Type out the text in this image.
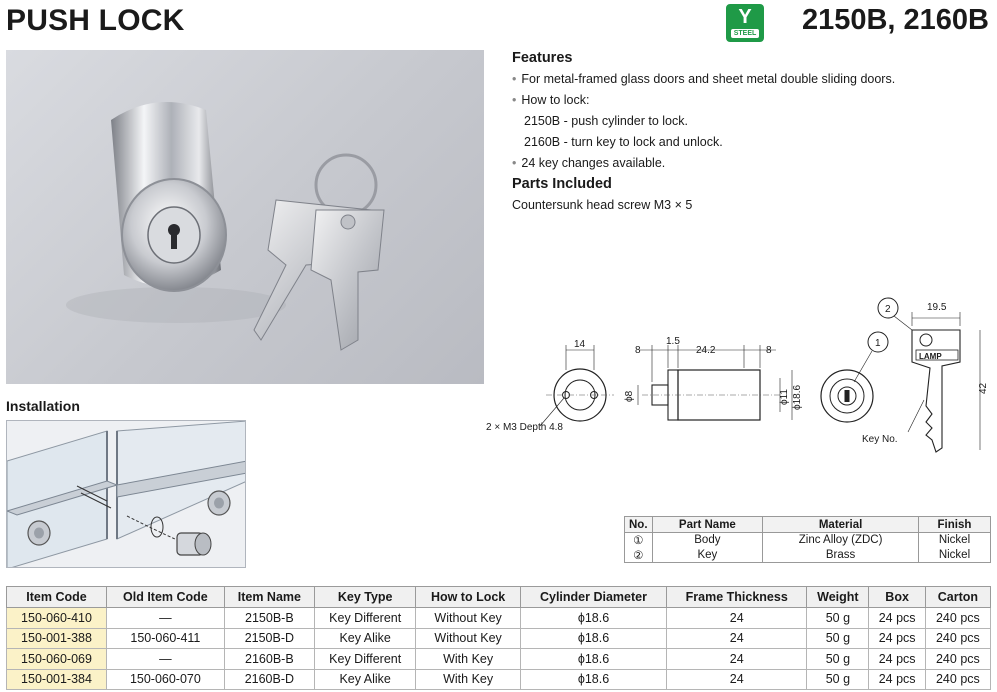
PUSH LOCK	Y
STEEL 2150B, 2160B
Features

• For metal-framed glass doors and sheet metal double sliding doors.

• How to lock:

2150B - push cylinder to lock.

2160B - turn key to lock and unlock.

• 24 key changes available.

Parts Included

Countersunk head screw M3 × 5

Installation
14
2 × M3 Depth 4.8
8
1.5
24.2	8
ϕ8	ϕ11 ϕ18.6
1
2	19.5
LAMP
42
Key No.
No.	Part Name	Material	Finish
①	Body	Zinc Alloy (ZDC)	Nickel
②	Key	Brass	Nickel
Item Code	Old Item Code	Item Name	Key Type	How to Lock	Cylinder Diameter	Frame Thickness	Weight	Box	Carton
150-060-410	—	2150B-B	Key Different	Without Key	ϕ18.6	24	50 g	24 pcs	240 pcs
150-001-388	150-060-411	2150B-D	Key Alike	Without Key	ϕ18.6	24	50 g	24 pcs	240 pcs
150-060-069	—	2160B-B	Key Different	With Key	ϕ18.6	24	50 g	24 pcs	240 pcs
150-001-384	150-060-070	2160B-D	Key Alike	With Key	ϕ18.6	24	50 g	24 pcs	240 pcs
